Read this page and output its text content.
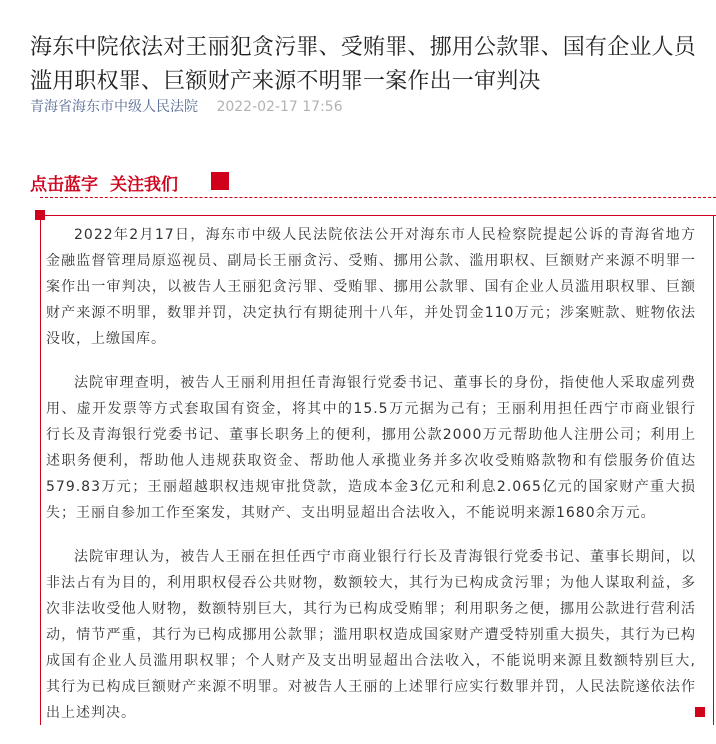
海东中院依法对王丽犯贪污罪、受贿罪、挪用公款罪、国有企业人员滥用职权罪、巨额财产来源不明罪一案作出一审判决
青海省海东市中级人民法院 2022-02-17 17:56
点击蓝字 关注我们

2022年2月17日，海东市中级人民法院依法公开对海东市人民检察院提起公诉的青海省地方金融监督管理局原巡视员、副局长王丽贪污、受贿、挪用公款、滥用职权、巨额财产来源不明罪一案作出一审判决，以被告人王丽犯贪污罪、受贿罪、挪用公款罪、国有企业人员滥用职权罪、巨额财产来源不明罪，数罪并罚，决定执行有期徒刑十八年，并处罚金110万元；涉案赃款、赃物依法没收，上缴国库。

法院审理查明，被告人王丽利用担任青海银行党委书记、董事长的身份，指使他人采取虚列费用、虚开发票等方式套取国有资金，将其中的15.5万元据为己有；王丽利用担任西宁市商业银行行长及青海银行党委书记、董事长职务上的便利，挪用公款2000万元帮助他人注册公司；利用上述职务便利，帮助他人违规获取资金、帮助他人承揽业务并多次收受贿赂款物和有偿服务价值达579.83万元；王丽超越职权违规审批贷款，造成本金3亿元和利息2.065亿元的国家财产重大损失；王丽自参加工作至案发，其财产、支出明显超出合法收入，不能说明来源1680余万元。

法院审理认为，被告人王丽在担任西宁市商业银行行长及青海银行党委书记、董事长期间，以非法占有为目的，利用职权侵吞公共财物，数额较大，其行为已构成贪污罪；为他人谋取利益，多次非法收受他人财物，数额特别巨大，其行为已构成受贿罪；利用职务之便，挪用公款进行营利活动，情节严重，其行为已构成挪用公款罪；滥用职权造成国家财产遭受特别重大损失，其行为已构成国有企业人员滥用职权罪；个人财产及支出明显超出合法收入，不能说明来源且数额特别巨大,其行为已构成巨额财产来源不明罪。对被告人王丽的上述罪行应实行数罪并罚，人民法院遂依法作出上述判决。
